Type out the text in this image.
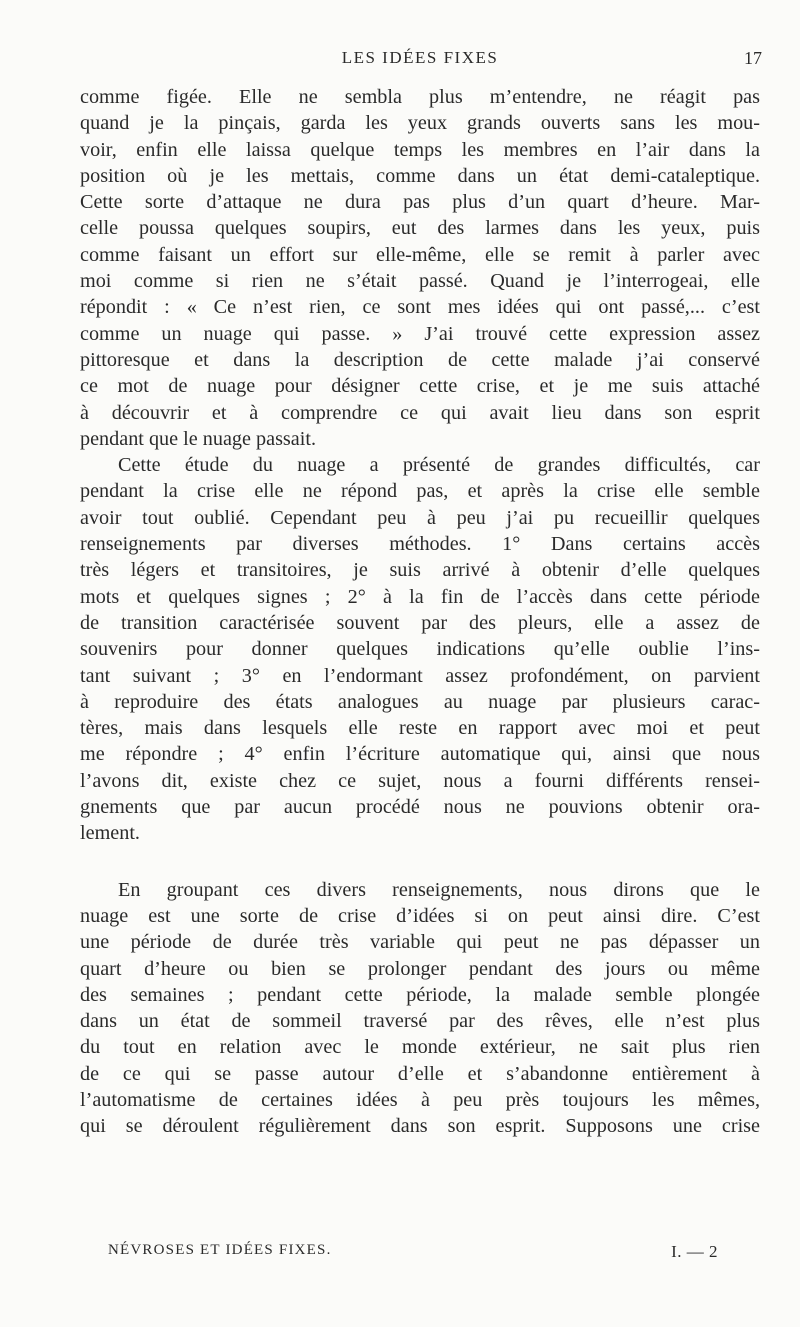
LES IDÉES FIXES	17
comme figée. Elle ne sembla plus m’entendre, ne réagit pas
quand je la pinçais, garda les yeux grands ouverts sans les mou-
voir, enfin elle laissa quelque temps les membres en l’air dans la
position où je les mettais, comme dans un état demi-cataleptique.
Cette sorte d’attaque ne dura pas plus d’un quart d’heure. Mar-
celle poussa quelques soupirs, eut des larmes dans les yeux, puis
comme faisant un effort sur elle-même, elle se remit à parler avec
moi comme si rien ne s’était passé. Quand je l’interrogeai, elle
répondit : « Ce n’est rien, ce sont mes idées qui ont passé,... c’est
comme un nuage qui passe. » J’ai trouvé cette expression assez
pittoresque et dans la description de cette malade j’ai conservé
ce mot de nuage pour désigner cette crise, et je me suis attaché
à découvrir et à comprendre ce qui avait lieu dans son esprit
pendant que le nuage passait.
Cette étude du nuage a présenté de grandes difficultés, car
pendant la crise elle ne répond pas, et après la crise elle semble
avoir tout oublié. Cependant peu à peu j’ai pu recueillir quelques
renseignements par diverses méthodes. 1° Dans certains accès
très légers et transitoires, je suis arrivé à obtenir d’elle quelques
mots et quelques signes ; 2° à la fin de l’accès dans cette période
de transition caractérisée souvent par des pleurs, elle a assez de
souvenirs pour donner quelques indications qu’elle oublie l’ins-
tant suivant ; 3° en l’endormant assez profondément, on parvient
à reproduire des états analogues au nuage par plusieurs carac-
tères, mais dans lesquels elle reste en rapport avec moi et peut
me répondre ; 4° enfin l’écriture automatique qui, ainsi que nous
l’avons dit, existe chez ce sujet, nous a fourni différents rensei-
gnements que par aucun procédé nous ne pouvions obtenir ora-
lement.
En groupant ces divers renseignements, nous dirons que le
nuage est une sorte de crise d’idées si on peut ainsi dire. C’est
une période de durée très variable qui peut ne pas dépasser un
quart d’heure ou bien se prolonger pendant des jours ou même
des semaines ; pendant cette période, la malade semble plongée
dans un état de sommeil traversé par des rêves, elle n’est plus
du tout en relation avec le monde extérieur, ne sait plus rien
de ce qui se passe autour d’elle et s’abandonne entièrement à
l’automatisme de certaines idées à peu près toujours les mêmes,
qui se déroulent régulièrement dans son esprit. Supposons une crise
NÉVROSES ET IDÉES FIXES.	I. — 2
